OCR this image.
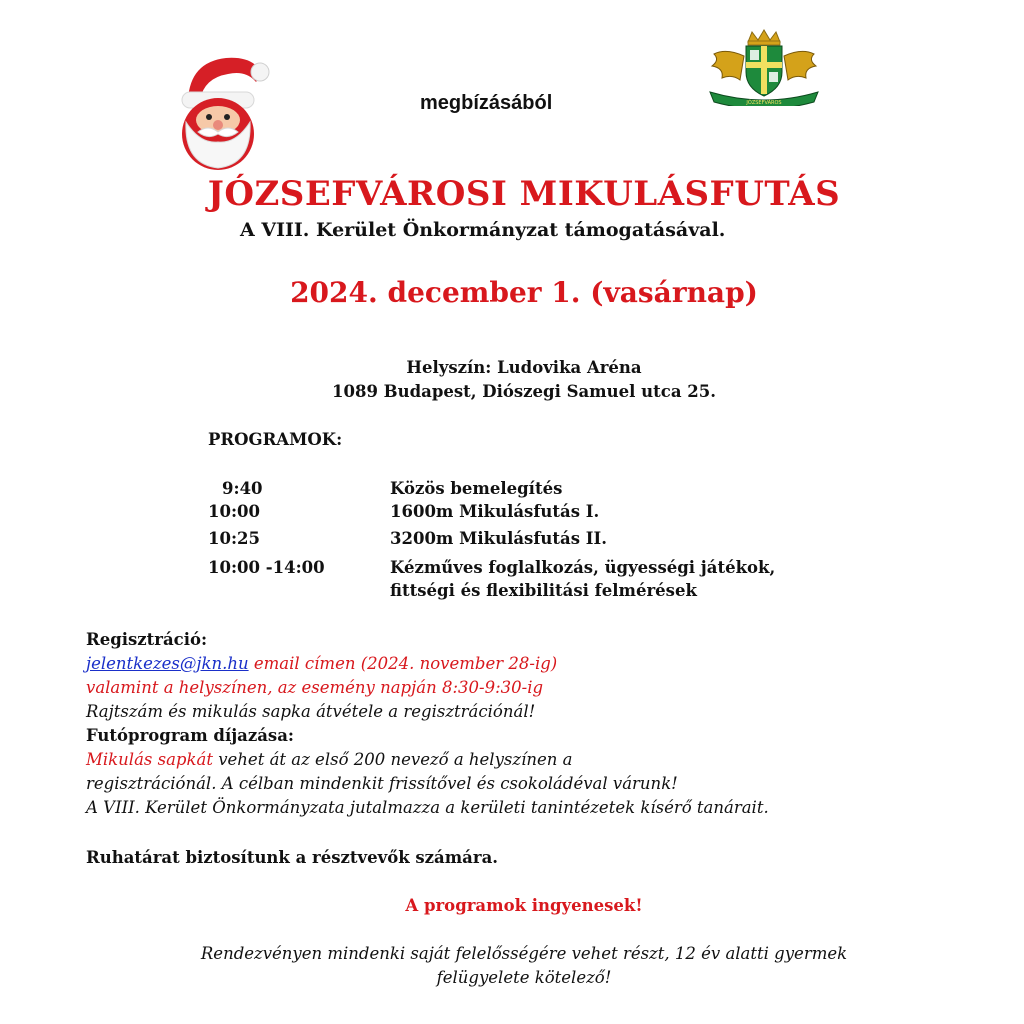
JÓZSEFVÁROS
megbízásából
JÓZSEFVÁROSI MIKULÁSFUTÁS
A VIII. Kerület Önkormányzat támogatásával.
2024. december 1. (vasárnap)
Helyszín: Ludovika Aréna
1089 Budapest, Diószegi Samuel utca 25.
PROGRAMOK:
9:40	Közös bemelegítés
10:00	1600m Mikulásfutás I.
10:25	3200m Mikulásfutás II.
10:00 -14:00	Kézműves foglalkozás, ügyességi játékok,
fittségi és flexibilitási felmérések
Regisztráció:
jelentkezes@jkn.hu email címen (2024. november 28-ig)
valamint a helyszínen, az esemény napján 8:30-9:30-ig
Rajtszám és mikulás sapka átvétele a regisztrációnál!
Futóprogram díjazása:
Mikulás sapkát vehet át az első 200 nevező a helyszínen a
regisztrációnál. A célban mindenkit frissítővel és csokoládéval várunk!
A VIII. Kerület Önkormányzata jutalmazza a kerületi tanintézetek kísérő tanárait.
Ruhatárat biztosítunk a résztvevők számára.
A programok ingyenesek!
Rendezvényen mindenki saját felelősségére vehet részt, 12 év alatti gyermek
felügyelete kötelező!
